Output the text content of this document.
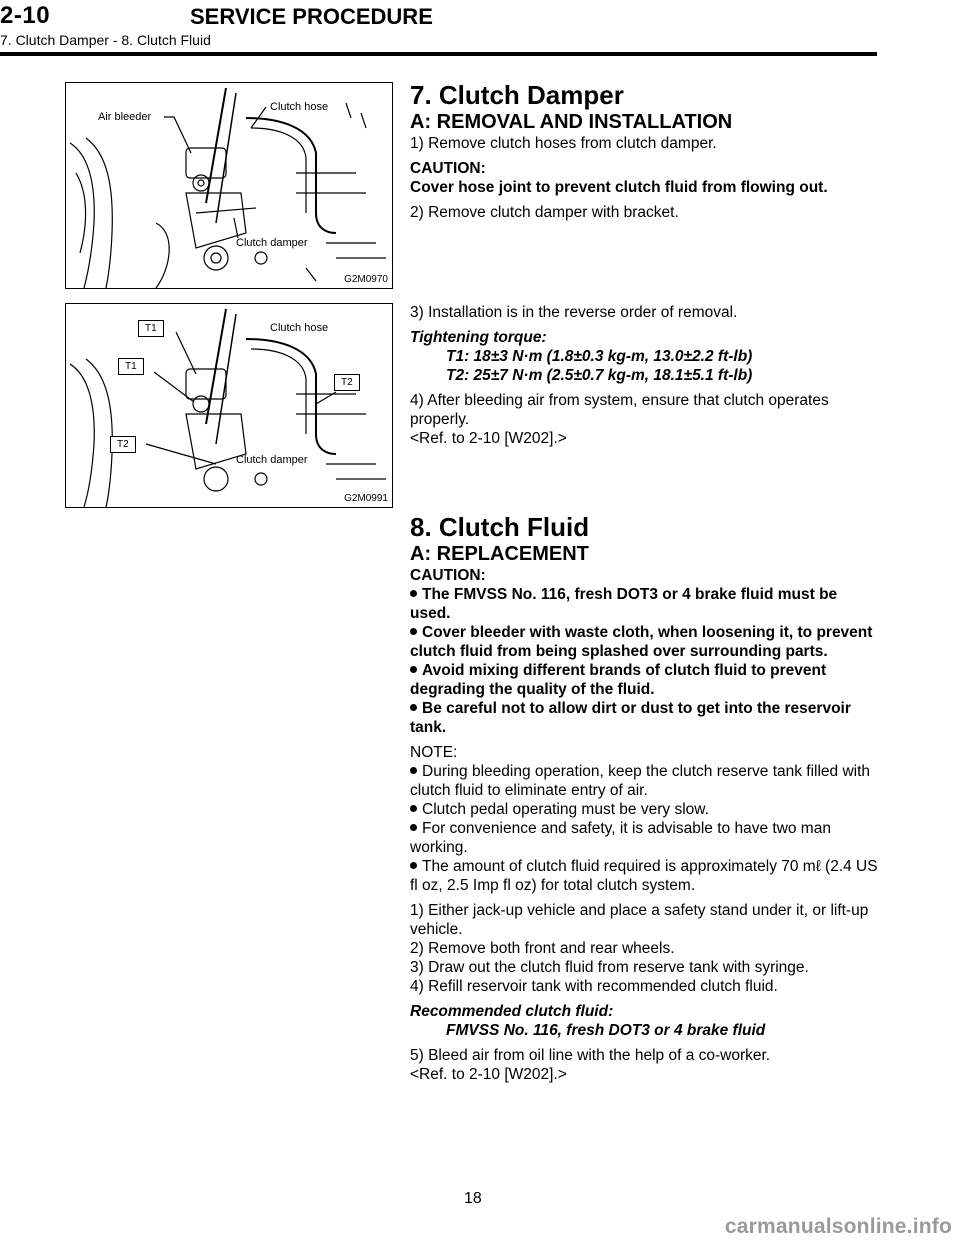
2-10	SERVICE PROCEDURE
7. Clutch Damper - 8. Clutch Fluid
Air bleeder
Clutch hose
Clutch damper
G2M0970
T1
T1
T2
T2
Clutch hose
Clutch damper
G2M0991

7. Clutch Damper

A: REMOVAL AND INSTALLATION

1) Remove clutch hoses from clutch damper.

CAUTION:

Cover hose joint to prevent clutch fluid from flowing out.

2) Remove clutch damper with bracket.

3) Installation is in the reverse order of removal.

Tightening torque:

T1: 18±3 N·m (1.8±0.3 kg-m, 13.0±2.2 ft-lb)

T2: 25±7 N·m (2.5±0.7 kg-m, 18.1±5.1 ft-lb)

4) After bleeding air from system, ensure that clutch operates properly.

<Ref. to 2-10 [W202].>

8. Clutch Fluid

A: REPLACEMENT

CAUTION:

The FMVSS No. 116, fresh DOT3 or 4 brake fluid must be used.

Cover bleeder with waste cloth, when loosening it, to prevent clutch fluid from being splashed over surrounding parts.

Avoid mixing different brands of clutch fluid to prevent degrading the quality of the fluid.

Be careful not to allow dirt or dust to get into the reservoir tank.

NOTE:

During bleeding operation, keep the clutch reserve tank filled with clutch fluid to eliminate entry of air.

Clutch pedal operating must be very slow.

For convenience and safety, it is advisable to have two man working.

The amount of clutch fluid required is approximately 70 mℓ (2.4 US fl oz, 2.5 Imp fl oz) for total clutch system.

1) Either jack-up vehicle and place a safety stand under it, or lift-up vehicle.

2) Remove both front and rear wheels.

3) Draw out the clutch fluid from reserve tank with syringe.

4) Refill reservoir tank with recommended clutch fluid.

Recommended clutch fluid:

FMVSS No. 116, fresh DOT3 or 4 brake fluid

5) Bleed air from oil line with the help of a co-worker.

<Ref. to 2-10 [W202].>

18
carmanualsonline.info
